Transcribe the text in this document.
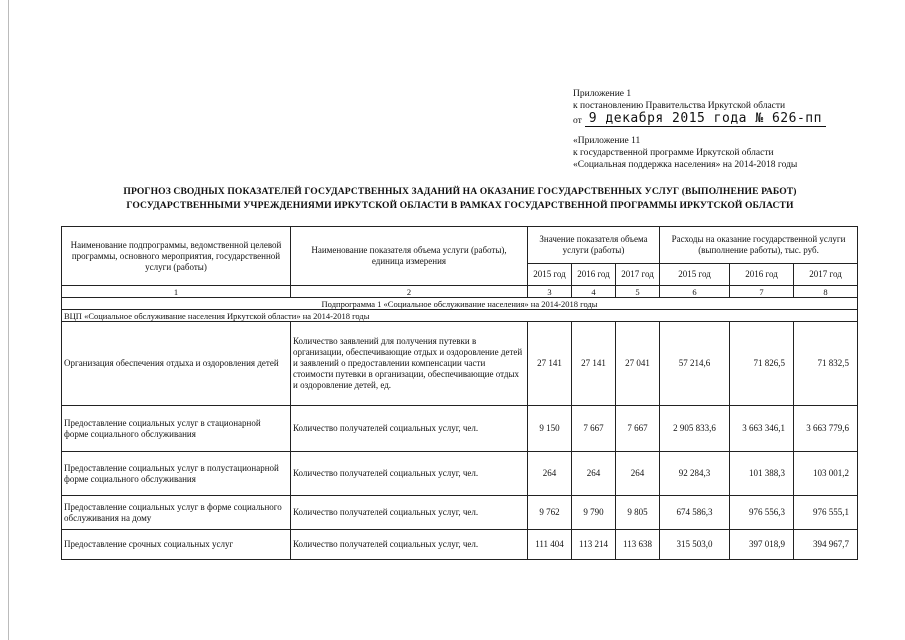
Приложение 1
к постановлению Правительства Иркутской области
от 9 декабря 2015 года № 626-пп
«Приложение 11
к государственной программе Иркутской области
«Социальная поддержка населения» на 2014-2018 годы
ПРОГНОЗ СВОДНЫХ ПОКАЗАТЕЛЕЙ ГОСУДАРСТВЕННЫХ ЗАДАНИЙ НА ОКАЗАНИЕ ГОСУДАРСТВЕННЫХ УСЛУГ (ВЫПОЛНЕНИЕ РАБОТ)
ГОСУДАРСТВЕННЫМИ УЧРЕЖДЕНИЯМИ ИРКУТСКОЙ ОБЛАСТИ В РАМКАХ ГОСУДАРСТВЕННОЙ ПРОГРАММЫ ИРКУТСКОЙ ОБЛАСТИ
Наименование подпрограммы, ведомственной целевой программы, основного мероприятия, государственной услуги (работы)	Наименование показателя объема услуги (работы), единица измерения	Значение показателя объема услуги (работы)			Расходы на оказание государственной услуги (выполнение работы), тыс. руб.		
		2015 год	2016 год	2017 год	2015 год	2016 год	2017 год
1	2	3	4	5	6	7	8
Подпрограмма 1 «Социальное обслуживание населения» на 2014-2018 годы							
ВЦП «Социальное обслуживание населения Иркутской области» на 2014-2018 годы							
Организация обеспечения отдыха и оздоровления детей	Количество заявлений для получения путевки в организации, обеспечивающие отдых и оздоровление детей и заявлений о предоставлении компенсации части стоимости путевки в организации, обеспечивающие отдых и оздоровление детей, ед.	27 141	27 141	27 041	57 214,6	71 826,5	71 832,5
Предоставление социальных услуг в стационарной форме социального обслуживания	Количество получателей социальных услуг, чел.	9 150	7 667	7 667	2 905 833,6	3 663 346,1	3 663 779,6
Предоставление социальных услуг в полустационарной форме социального обслуживания	Количество получателей социальных услуг, чел.	264	264	264	92 284,3	101 388,3	103 001,2
Предоставление социальных услуг в форме социального обслуживания на дому	Количество получателей социальных услуг, чел.	9 762	9 790	9 805	674 586,3	976 556,3	976 555,1
Предоставление срочных социальных услуг	Количество получателей социальных услуг, чел.	111 404	113 214	113 638	315 503,0	397 018,9	394 967,7
